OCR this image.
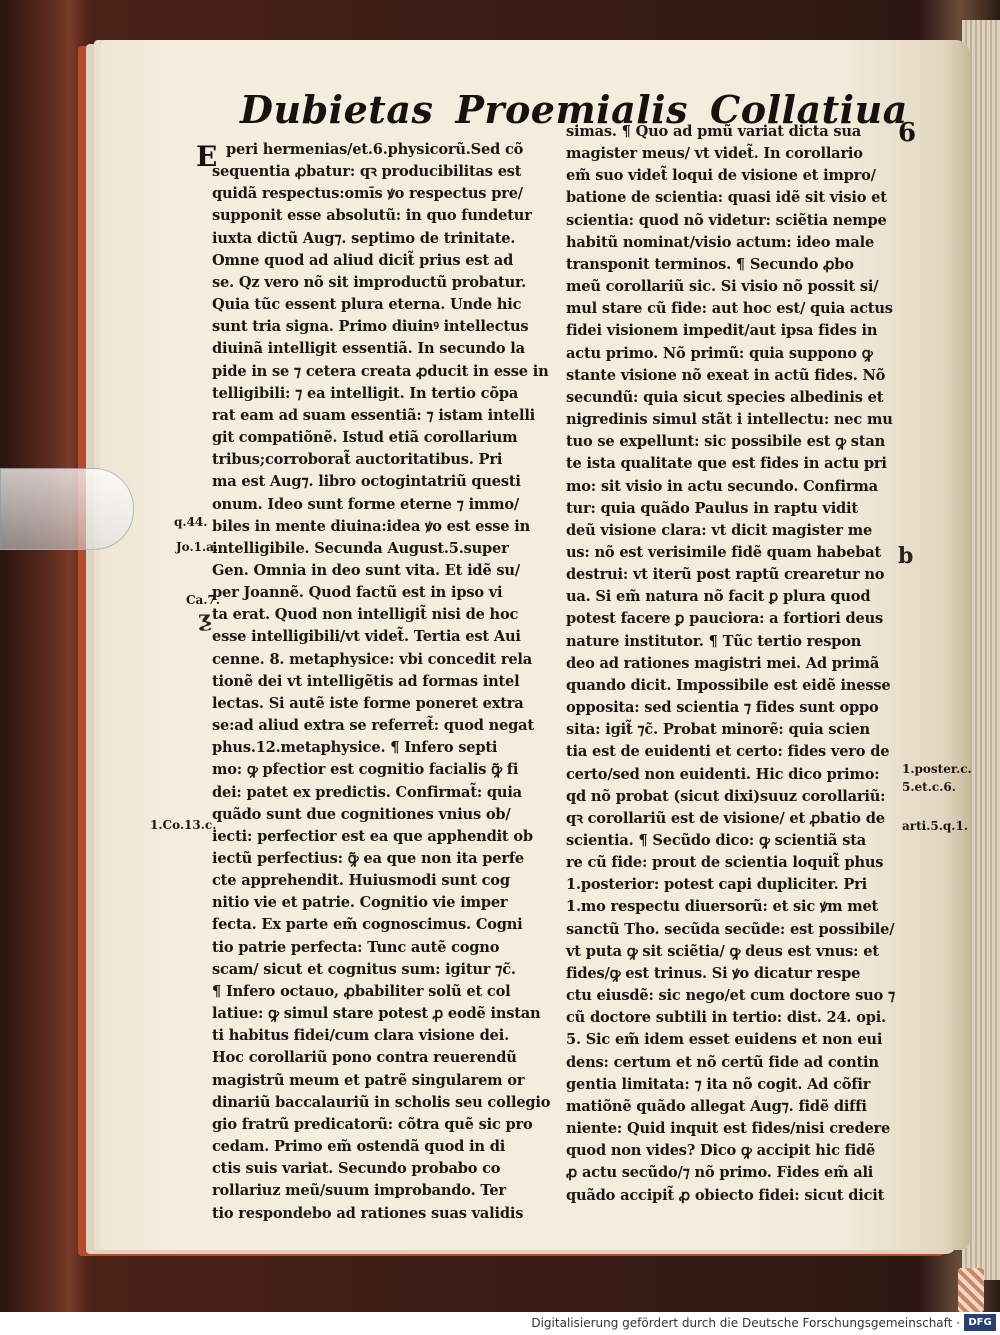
Dubietas Proemialis Collatiua
6
E peri hermenias/et.6.physicorũ.Sed cõ
sequentia ꝓbatur: qꝛ producibilitas est
quidã respectus:omīs ꝟo respectus pre/
supponit esse absolutũ: in quo fundetur
iuxta dictũ Aug⁊. septimo de trinitate.
Omne quod ad aliud dicit̃ prius est ad
se. Qz vero nõ sit improductũ probatur.
Quia tũc essent plura eterna. Unde hic
sunt tria signa. Primo diuinꝰ intellectus
diuinã intelligit essentiã. In secundo la
pide in se ⁊ cetera creata ꝓducit in esse in
telligibili: ⁊ ea intelligit. In tertio cõpa
rat eam ad suam essentiã: ⁊ istam intelli
git compatiõnẽ. Istud etiã corollarium
tribus;corroborat̃ auctoritatibus. Pri
ma est Aug⁊. libro octogintatriũ questi
onum. Ideo sunt forme eterne ⁊ immo/
biles in mente diuina:idea ꝟo est esse in
intelligibile. Secunda August.5.super
Gen. Omnia in deo sunt vita. Et idẽ su/
per Joannẽ. Quod factũ est in ipso vi
ta erat. Quod non intelligit̃ nisi de hoc
esse intelligibili/vt videt̃. Tertia est Aui
cenne. 8. metaphysice: vbi concedit rela
tionẽ dei vt intelligẽtis ad formas intel
lectas. Si autẽ iste forme poneret extra
se:ad aliud extra se referret̃: quod negat
phus.12.metaphysice. ¶ Infero septi
mo: ꝙ pfectior est cognitio facialis ꝙ̃ fi
dei: patet ex predictis. Confirmat̃: quia
quãdo sunt due cognitiones vnius ob/
iecti: perfectior est ea que apphendit ob
iectũ perfectius: ꝙ̃ ea que non ita perfe
cte apprehendit. Huiusmodi sunt cog
nitio vie et patrie. Cognitio vie imper
fecta. Ex parte em̃ cognoscimus. Cogni
tio patrie perfecta: Tunc autẽ cogno
scam/ sicut et cognitus sum: igitur ⁊c̃.
¶ Infero octauo, ꝓbabiliter solũ et col
latiue: ꝙ simul stare potest ꝓ eodẽ instan
ti habitus fidei/cum clara visione dei.
Hoc corollariũ pono contra reuerendũ
magistrũ meum et patrẽ singularem or
dinariũ baccalauriũ in scholis seu collegio
gio fratrũ predicatorũ: cõtra quẽ sic pro
cedam. Primo em̃ ostendã quod in di
ctis suis variat. Secundo probabo co
rollariuz meũ/suum improbando. Ter
tio respondebo ad rationes suas validis
simas. ¶ Quo ad pmũ variat dicta sua
magister meus/ vt videt̃. In corollario
em̃ suo videt̃ loqui de visione et impro/
batione de scientia: quasi idẽ sit visio et
scientia: quod nõ videtur: sciẽtia nempe
habitũ nominat/visio actum: ideo male
transponit terminos. ¶ Secundo ꝓbo
meũ corollariũ sic. Si visio nõ possit si/
mul stare cũ fide: aut hoc est/ quia actus
fidei visionem impedit/aut ipsa fides in
actu primo. Nõ primũ: quia suppono ꝙ
stante visione nõ exeat in actũ fides. Nõ
secundũ: quia sicut species albedinis et
nigredinis simul stãt i intellectu: nec mu
tuo se expellunt: sic possibile est ꝙ stan
te ista qualitate que est fides in actu pri
mo: sit visio in actu secundo. Confirma
tur: quia quãdo Paulus in raptu vidit
deũ visione clara: vt dicit magister me
us: nõ est verisimile fidẽ quam habebat
destrui: vt iterũ post raptũ crearetur no
ua. Si em̃ natura nõ facit ꝑ plura quod
potest facere ꝑ pauciora: a fortiori deus
nature institutor. ¶ Tũc tertio respon
deo ad rationes magistri mei. Ad primã
quando dicit. Impossibile est eidẽ inesse
opposita: sed scientia ⁊ fides sunt oppo
sita: igit̃ ⁊c̃. Probat minorẽ: quia scien
tia est de euidenti et certo: fides vero de
certo/sed non euidenti. Hic dico primo:
qd nõ probat (sicut dixi)suuz corollariũ:
qꝛ corollariũ est de visione/ et ꝓbatio de
scientia. ¶ Secũdo dico: ꝙ scientiã sta
re cũ fide: prout de scientia loquit̃ phus
1.posterior: potest capi dupliciter. Pri
1.mo respectu diuersorũ: et sic ꝟm met
sanctũ Tho. secũda secũde: est possibile/
vt puta ꝙ sit sciẽtia/ ꝙ deus est vnus: et
fides/ꝙ est trinus. Si ꝟo dicatur respe
ctu eiusdẽ: sic nego/et cum doctore suo ⁊
cũ doctore subtili in tertio: dist. 24. opi.
5. Sic em̃ idem esset euidens et non eui
dens: certum et nõ certũ fide ad contin
gentia limitata: ⁊ ita nõ cogit. Ad cõfir
matiõnẽ quãdo allegat Aug⁊. fidẽ diffi
niente: Quid inquit est fides/nisi credere
quod non vides? Dico ꝙ accipit hic fidẽ
ꝓ actu secũdo/⁊ nõ primo. Fides em̃ ali
quãdo accipit̃ ꝓ obiecto fidei: sicut dicit
q.44.
Jo.1.a.
Ca.7.
ƺ
1.Co.13.c.
b
1.poster.c.
5.et.c.6.
arti.5.q.1.
Digitalisierung gefördert durch die Deutsche Forschungsgemeinschaft · DFG
